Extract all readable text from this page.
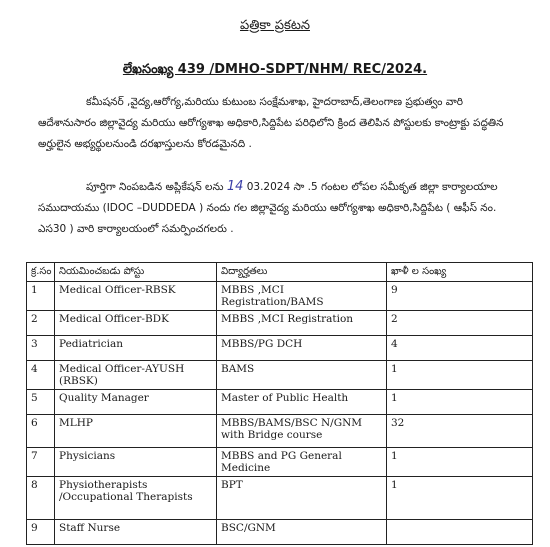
పత్రికా ప్రకటన
లేఖసంఖ్య 439 /DMHO-SDPT/NHM/ REC/2024.
కమీషనర్ ,వైద్య,ఆరోగ్య,మరియు కుటుంబ సంక్షేమశాఖ, హైదరాబాద్,తెలంగాణ ప్రభుత్వం వారి ఆదేశానుసారం జిల్లావైద్య మరియు ఆరోగ్యశాఖ అధికారి,సిద్దిపేట పరిధిలోని క్రింద తెలిపిన పోస్టులకు కాంట్రాక్టు పద్ధతిన అర్హులైన అభ్యర్థులనుండి దరఖాస్తులను కోరడమైనది .
పూర్తిగా నింపబడిన అప్లికేషన్ లను 14 03.2024 సా .5 గంటల లోపల సమీకృత జిల్లా కార్యాలయాల సముదాయము (IDOC –DUDDEDA ) నందు గల జిల్లావైద్య మరియు ఆరోగ్యశాఖ అధికారి,సిద్దిపేట ( ఆఫీస్ నం. ఎస30 ) వారి కార్యాలయంలో సమర్పించగలరు .
క్ర.సం	నియమించబడు పోస్టు	విద్యార్హతలు	ఖాళీ ల సంఖ్య
1	Medical Officer-RBSK	MBBS ,MCI Registration/BAMS	9
2	Medical Officer-BDK	MBBS ,MCI Registration	2
3	Pediatrician	MBBS/PG DCH	4
4	Medical Officer-AYUSH (RBSK)	BAMS	1
5	Quality Manager	Master of Public Health	1
6	MLHP	MBBS/BAMS/BSC N/GNM with Bridge course	32
7	Physicians	MBBS and PG General Medicine	1
8	Physiotherapists /Occupational Therapists	BPT	1
9	Staff Nurse	BSC/GNM	
